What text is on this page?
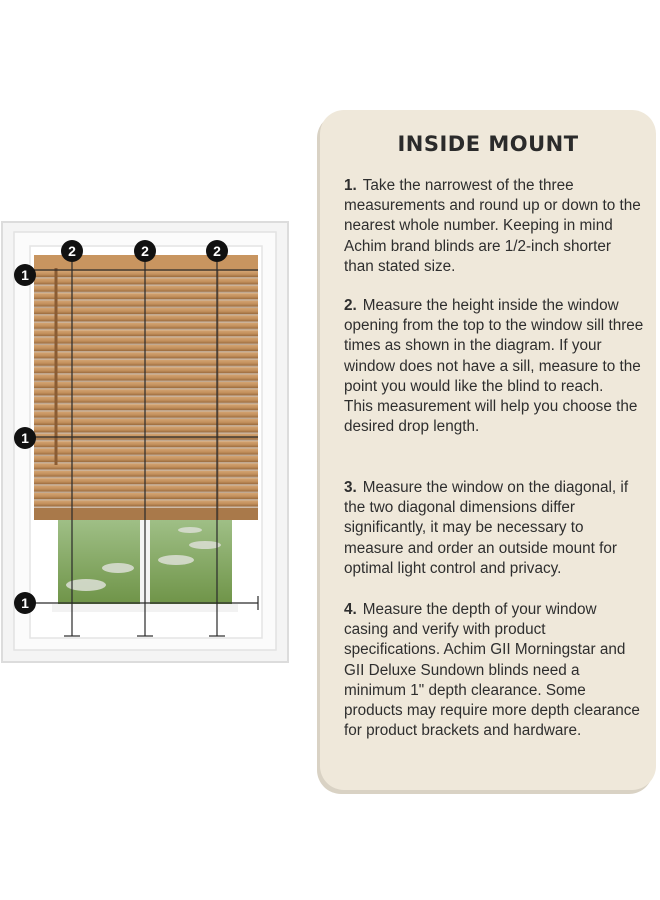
1
1
1
2	2	2
INSIDE MOUNT

1. Take the narrowest of the three measurements and round up or down to the nearest whole number. Keeping in mind Achim brand blinds are 1/2-inch shorter than stated size.

2. Measure the height inside the window opening from the top to the window sill three times as shown in the diagram. If your window does not have a sill, measure to the point you would like the blind to reach.

This measurement will help you choose the desired drop length.

3. Measure the window on the diagonal, if the two diagonal dimensions differ significantly, it may be necessary to measure and order an outside mount for optimal light control and privacy.

4. Measure the depth of your window casing and verify with product specifications. Achim GII Morningstar and GII Deluxe Sundown blinds need a minimum 1" depth clearance. Some products may require more depth clearance for product brackets and hardware.
